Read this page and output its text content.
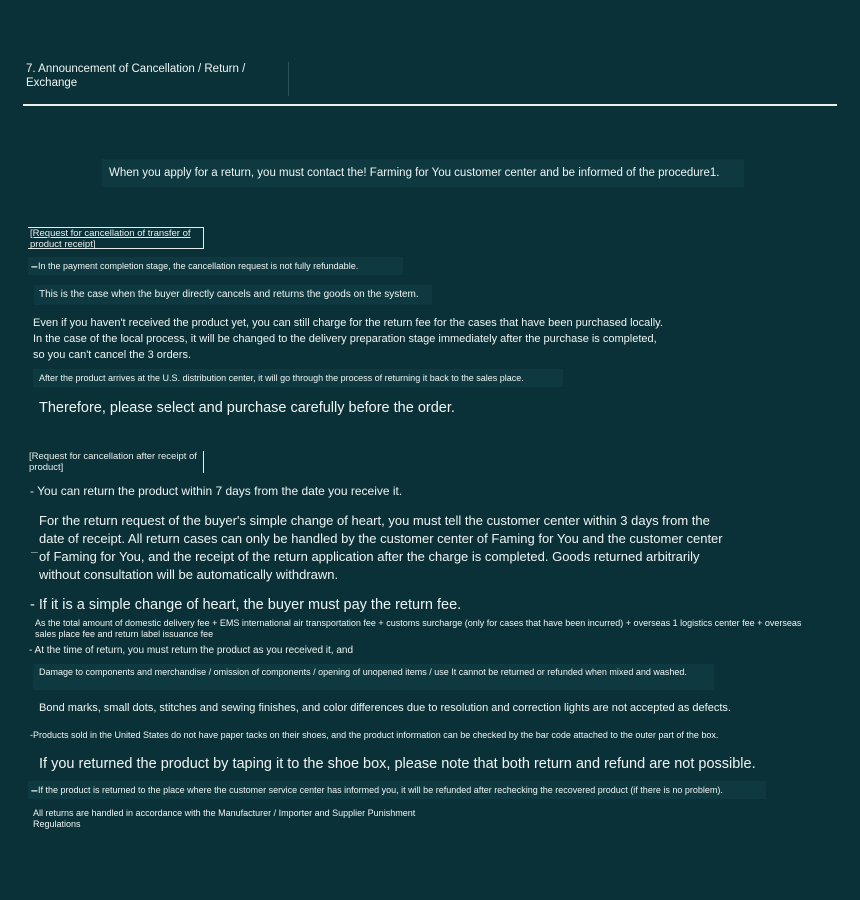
7. Announcement of Cancellation / Return / Exchange
When you apply for a return, you must contact the! Farming for You customer center and be informed of the procedure1.
[Request for cancellation of transfer of product receipt]
– In the payment completion stage, the cancellation request is not fully refundable.
This is the case when the buyer directly cancels and returns the goods on the system.
Even if you haven't received the product yet, you can still charge for the return fee for the cases that have been purchased locally.
In the case of the local process, it will be changed to the delivery preparation stage immediately after the purchase is completed,
so you can't cancel the 3 orders.
After the product arrives at the U.S. distribution center, it will go through the process of returning it back to the sales place.
Therefore, please select and purchase carefully before the order.
[Request for cancellation after receipt of product]
- You can return the product within 7 days from the date you receive it.
_
For the return request of the buyer's simple change of heart, you must tell the customer center within 3 days from the date of receipt. All return cases can only be handled by the customer center of Faming for You and the customer center of Faming for You, and the receipt of the return application after the charge is completed. Goods returned arbitrarily without consultation will be automatically withdrawn.
- If it is a simple change of heart, the buyer must pay the return fee.
As the total amount of domestic delivery fee + EMS international air transportation fee + customs surcharge (only for cases that have been incurred) + overseas 1 logistics center fee + overseas sales place fee and return label issuance fee
- At the time of return, you must return the product as you received it, and
Damage to components and merchandise / omission of components / opening of unopened items / use It cannot be returned or refunded when mixed and washed.
Bond marks, small dots, stitches and sewing finishes, and color differences due to resolution and correction lights are not accepted as defects.
-Products sold in the United States do not have paper tacks on their shoes, and the product information can be checked by the bar code attached to the outer part of the box.
If you returned the product by taping it to the shoe box, please note that both return and refund are not possible.
– If the product is returned to the place where the customer service center has informed you, it will be refunded after rechecking the recovered product (if there is no problem).
All returns are handled in accordance with the Manufacturer / Importer and Supplier Punishment Regulations
